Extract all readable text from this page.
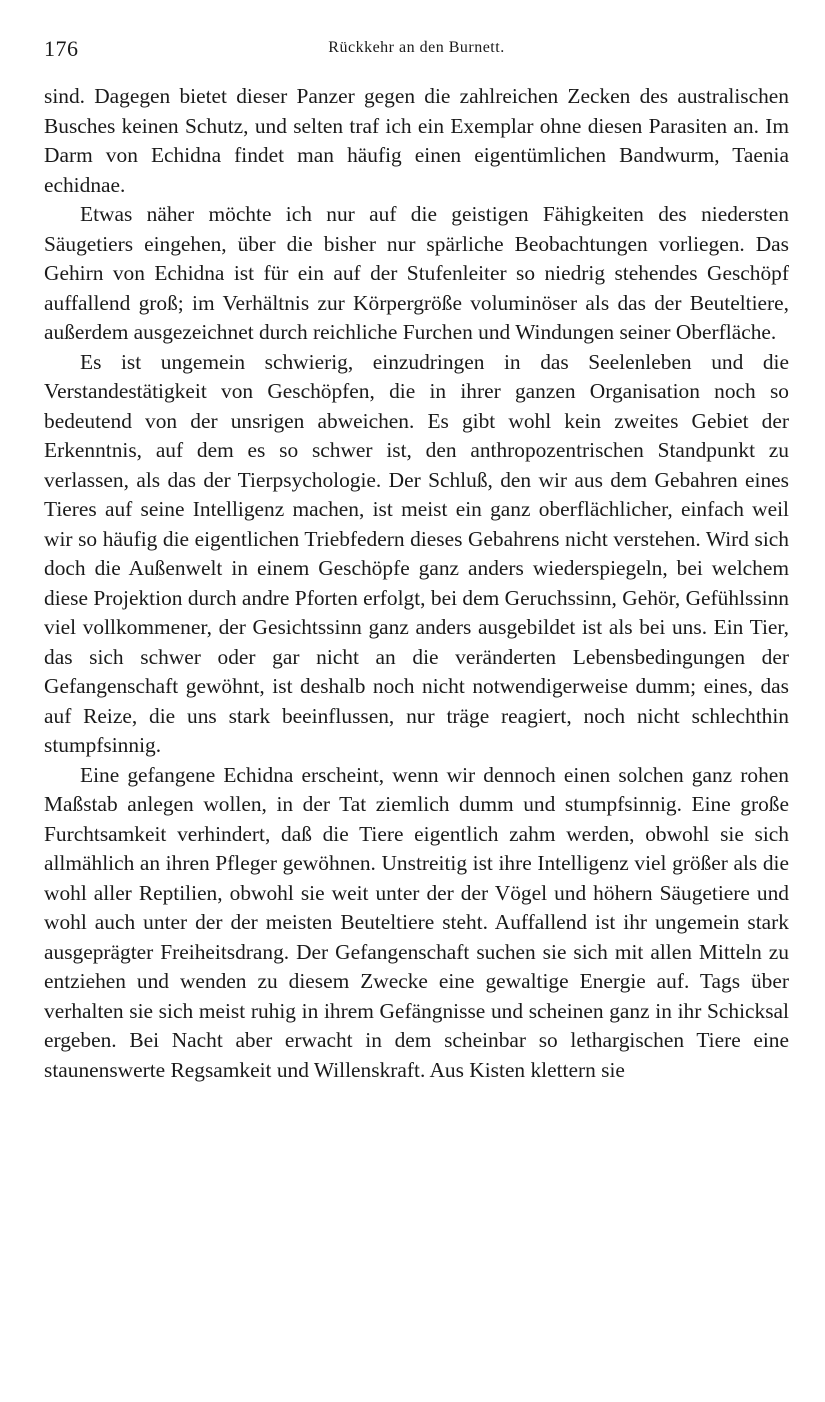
176	Rückkehr an den Burnett.

sind. Dagegen bietet dieser Panzer gegen die zahlreichen Zecken des australischen Busches keinen Schutz, und selten traf ich ein Exemplar ohne diesen Parasiten an. Im Darm von Echidna findet man häufig einen eigentümlichen Bandwurm, Taenia echidnae.

Etwas näher möchte ich nur auf die geistigen Fähigkeiten des niedersten Säugetiers eingehen, über die bisher nur spärliche Beobachtungen vorliegen. Das Gehirn von Echidna ist für ein auf der Stufenleiter so niedrig stehendes Geschöpf auffallend groß; im Verhältnis zur Körpergröße voluminöser als das der Beuteltiere, außerdem ausgezeichnet durch reichliche Furchen und Windungen seiner Oberfläche.

Es ist ungemein schwierig, einzudringen in das Seelenleben und die Verstandestätigkeit von Geschöpfen, die in ihrer ganzen Organisation noch so bedeutend von der unsrigen abweichen. Es gibt wohl kein zweites Gebiet der Erkenntnis, auf dem es so schwer ist, den anthropozentrischen Standpunkt zu verlassen, als das der Tierpsychologie. Der Schluß, den wir aus dem Gebahren eines Tieres auf seine Intelligenz machen, ist meist ein ganz oberflächlicher, einfach weil wir so häufig die eigentlichen Triebfedern dieses Gebahrens nicht verstehen. Wird sich doch die Außenwelt in einem Geschöpfe ganz anders wiederspiegeln, bei welchem diese Projektion durch andre Pforten erfolgt, bei dem Geruchssinn, Gehör, Gefühlssinn viel vollkommener, der Gesichtssinn ganz anders ausgebildet ist als bei uns. Ein Tier, das sich schwer oder gar nicht an die veränderten Lebensbedingungen der Gefangenschaft gewöhnt, ist deshalb noch nicht notwendigerweise dumm; eines, das auf Reize, die uns stark beeinflussen, nur träge reagiert, noch nicht schlechthin stumpfsinnig.

Eine gefangene Echidna erscheint, wenn wir dennoch einen solchen ganz rohen Maßstab anlegen wollen, in der Tat ziemlich dumm und stumpfsinnig. Eine große Furchtsamkeit verhindert, daß die Tiere eigentlich zahm werden, obwohl sie sich allmählich an ihren Pfleger gewöhnen. Unstreitig ist ihre Intelligenz viel größer als die wohl aller Reptilien, obwohl sie weit unter der der Vögel und höhern Säugetiere und wohl auch unter der der meisten Beuteltiere steht. Auffallend ist ihr ungemein stark ausgeprägter Freiheitsdrang. Der Gefangenschaft suchen sie sich mit allen Mitteln zu entziehen und wenden zu diesem Zwecke eine gewaltige Energie auf. Tags über verhalten sie sich meist ruhig in ihrem Gefängnisse und scheinen ganz in ihr Schicksal ergeben. Bei Nacht aber erwacht in dem scheinbar so lethargischen Tiere eine staunenswerte Regsamkeit und Willenskraft. Aus Kisten klettern sie
